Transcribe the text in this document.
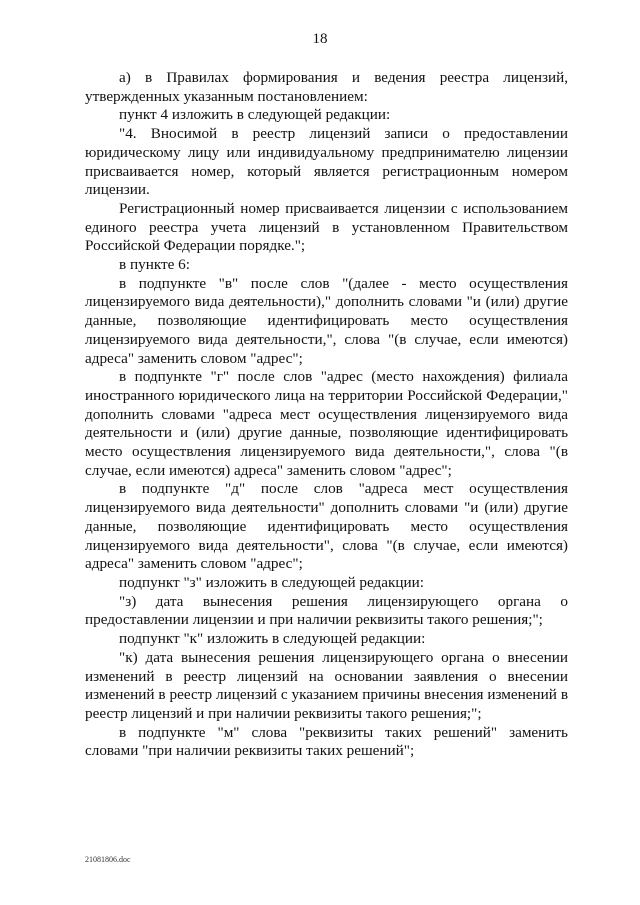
18

а) в Правилах формирования и ведения реестра лицензий, утвержденных указанным постановлением:

пункт 4 изложить в следующей редакции:

"4. Вносимой в реестр лицензий записи о предоставлении юридическому лицу или индивидуальному предпринимателю лицензии присваивается номер, который является регистрационным номером лицензии.

Регистрационный номер присваивается лицензии с использованием единого реестра учета лицензий в установленном Правительством Российской Федерации порядке.";

в пункте 6:

в подпункте "в" после слов "(далее - место осуществления лицензируемого вида деятельности)," дополнить словами "и (или) другие данные, позволяющие идентифицировать место осуществления лицензируемого вида деятельности,", слова "(в случае, если имеются) адреса" заменить словом "адрес";

в подпункте "г" после слов "адрес (место нахождения) филиала иностранного юридического лица на территории Российской Федерации," дополнить словами "адреса мест осуществления лицензируемого вида деятельности и (или) другие данные, позволяющие идентифицировать место осуществления лицензируемого вида деятельности,", слова "(в случае, если имеются) адреса" заменить словом "адрес";

в подпункте "д" после слов "адреса мест осуществления лицензируемого вида деятельности" дополнить словами "и (или) другие данные, позволяющие идентифицировать место осуществления лицензируемого вида деятельности", слова "(в случае, если имеются) адреса" заменить словом "адрес";

подпункт "з" изложить в следующей редакции:

"з) дата вынесения решения лицензирующего органа о предоставлении лицензии и при наличии реквизиты такого решения;";

подпункт "к" изложить в следующей редакции:

"к) дата вынесения решения лицензирующего органа о внесении изменений в реестр лицензий на основании заявления о внесении изменений в реестр лицензий с указанием причины внесения изменений в реестр лицензий и при наличии реквизиты такого решения;";

в подпункте "м" слова "реквизиты таких решений" заменить словами "при наличии реквизиты таких решений";

21081806.doc
